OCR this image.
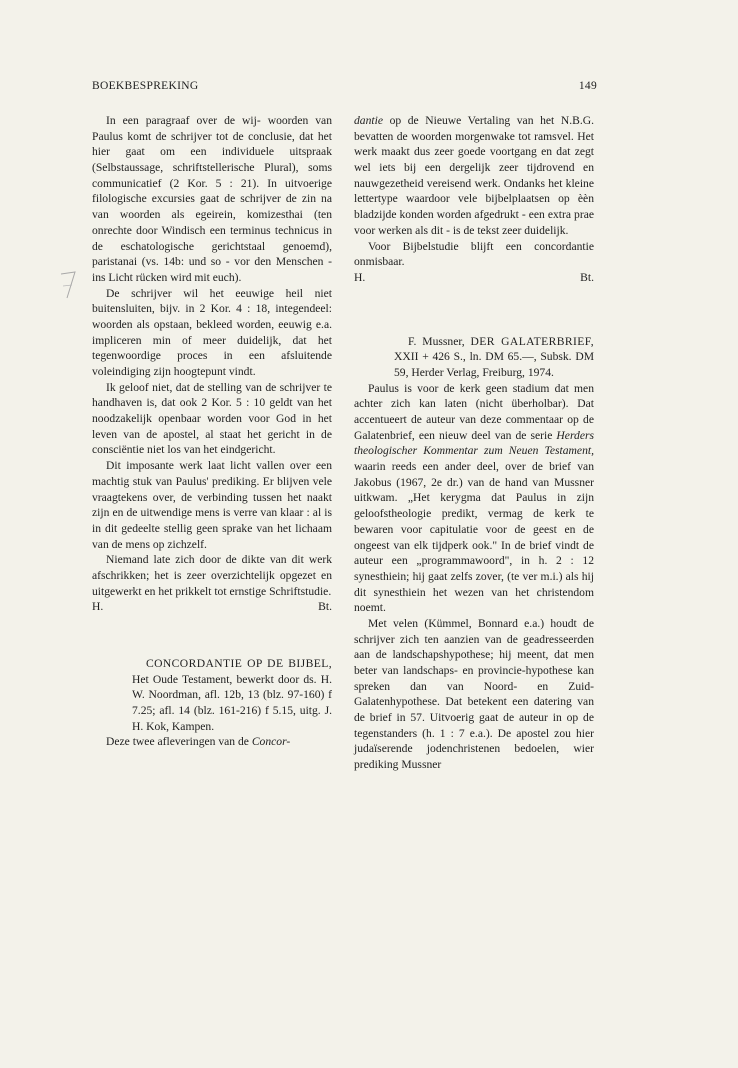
BOEKBESPREKING	149

In een paragraaf over de wij- woorden van Paulus komt de schrijver tot de conclusie, dat het hier gaat om een individuele uitspraak (Selbstaussage, schriftstellerische Plural), soms communicatief (2 Kor. 5 : 21). In uitvoerige filologische excursies gaat de schrijver de zin na van woorden als egeirein, komizesthai (ten onrechte door Windisch een terminus technicus in de eschatologische gerichtstaal genoemd), paristanai (vs. 14b: und so - vor den Menschen - ins Licht rücken wird mit euch).

De schrijver wil het eeuwige heil niet buitensluiten, bijv. in 2 Kor. 4 : 18, integendeel: woorden als opstaan, bekleed worden, eeuwig e.a. impliceren min of meer duidelijk, dat het tegenwoordige proces in een afsluitende voleindiging zijn hoogtepunt vindt.

Ik geloof niet, dat de stelling van de schrijver te handhaven is, dat ook 2 Kor. 5 : 10 geldt van het noodzakelijk openbaar worden voor God in het leven van de apostel, al staat het gericht in de consciëntie niet los van het eindgericht.

Dit imposante werk laat licht vallen over een machtig stuk van Paulus' prediking. Er blijven vele vraagtekens over, de verbinding tussen het naakt zijn en de uitwendige mens is verre van klaar : al is in dit gedeelte stellig geen sprake van het lichaam van de mens op zichzelf.

Niemand late zich door de dikte van dit werk afschrikken; het is zeer overzichtelijk opgezet en uitgewerkt en het prikkelt tot ernstige Schriftstudie.

H.	Bt.

CONCORDANTIE OP DE BIJBEL, Het Oude Testament, bewerkt door ds. H. W. Noordman, afl. 12b, 13 (blz. 97-160) f 7.25; afl. 14 (blz. 161-216) f 5.15, uitg. J. H. Kok, Kampen.

Deze twee afleveringen van de Concor-

dantie op de Nieuwe Vertaling van het N.B.G. bevatten de woorden morgenwake tot ramsvel. Het werk maakt dus zeer goede voortgang en dat zegt wel iets bij een dergelijk zeer tijdrovend en nauwgezetheid vereisend werk. Ondanks het kleine lettertype waardoor vele bijbelplaatsen op èèn bladzijde konden worden afgedrukt - een extra prae voor werken als dit - is de tekst zeer duidelijk.

Voor Bijbelstudie blijft een concordantie onmisbaar.

H.	Bt.

F. Mussner, DER GALATERBRIEF, XXII + 426 S., ln. DM 65.—, Subsk. DM 59, Herder Verlag, Freiburg, 1974.

Paulus is voor de kerk geen stadium dat men achter zich kan laten (nicht überholbar). Dat accentueert de auteur van deze commentaar op de Galatenbrief, een nieuw deel van de serie Herders theologischer Kommentar zum Neuen Testament, waarin reeds een ander deel, over de brief van Jakobus (1967, 2e dr.) van de hand van Mussner uitkwam. „Het kerygma dat Paulus in zijn geloofstheologie predikt, vermag de kerk te bewaren voor capitulatie voor de geest en de ongeest van elk tijdperk ook." In de brief vindt de auteur een „programmawoord", in h. 2 : 12 synesthiein; hij gaat zelfs zover, (te ver m.i.) als hij dit synesthiein het wezen van het christendom noemt.

Met velen (Kümmel, Bonnard e.a.) houdt de schrijver zich ten aanzien van de geadresseerden aan de landschapshypothese; hij meent, dat men beter van landschaps- en provincie-hypothese kan spreken dan van Noord- en Zuid-Galatenhypothese. Dat betekent een datering van de brief in 57. Uitvoerig gaat de auteur in op de tegenstanders (h. 1 : 7 e.a.). De apostel zou hier judaïserende jodenchristenen bedoelen, wier prediking Mussner
